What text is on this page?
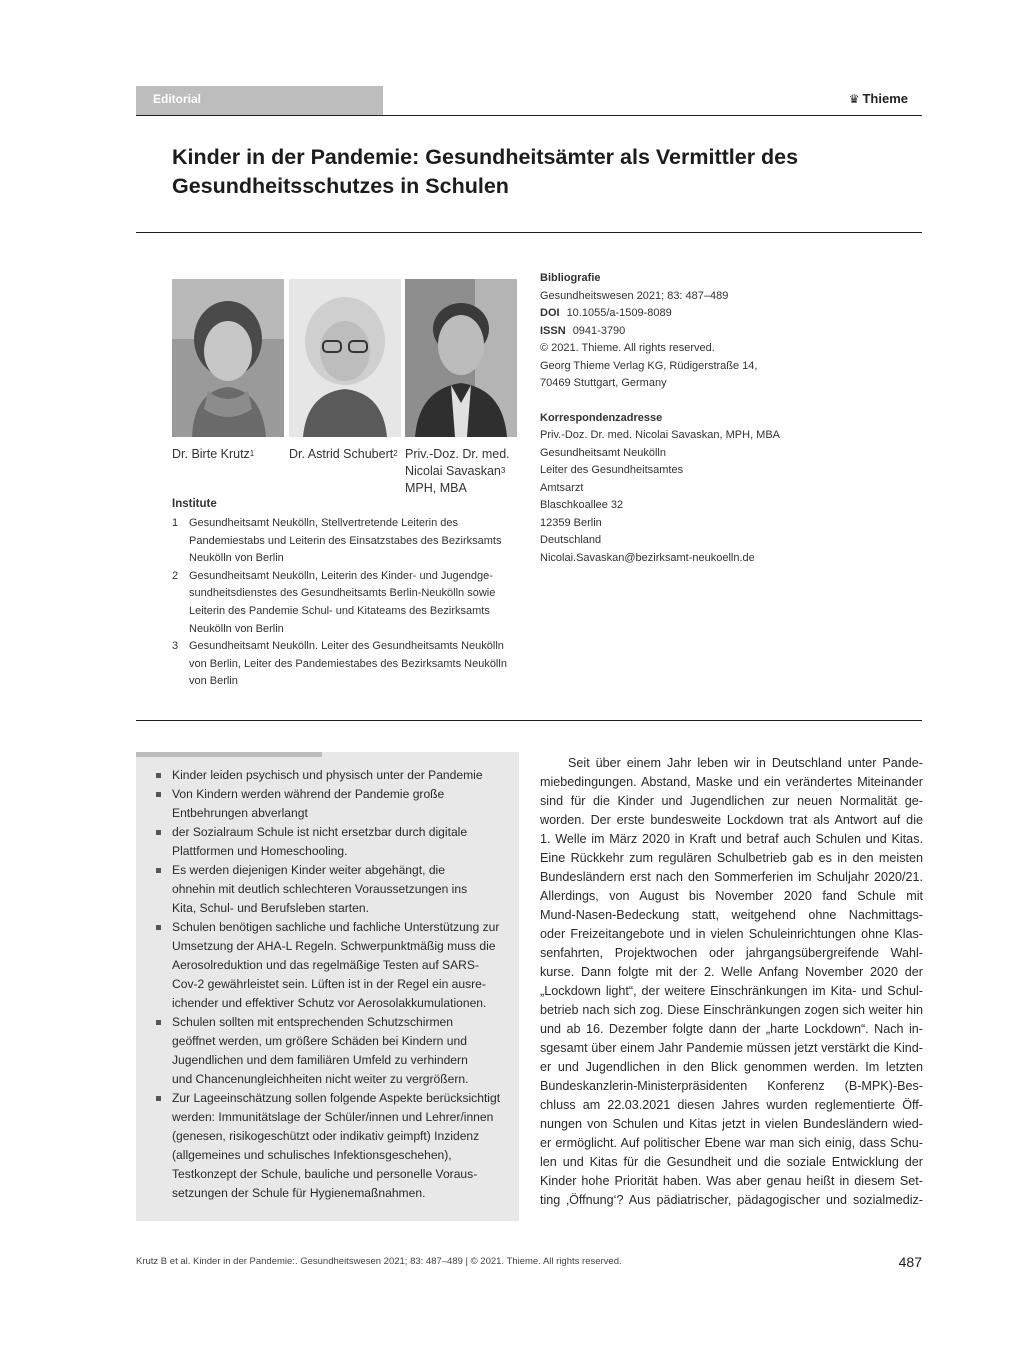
Editorial	♛ Thieme
Kinder in der Pandemie: Gesundheitsämter als Vermittler des
Gesundheitsschutzes in Schulen
Dr. Birte Krutz$^1$	Dr. Astrid Schubert$^2$ Priv.-Doz. Dr. med.
Nicolai Savaskan$^3$
MPH, MBA
Institute
1 Gesundheitsamt Neukölln, Stellvertretende Leiterin des
Pandemiestabs und Leiterin des Einsatzstabes des Bezirksamts
Neukölln von Berlin
2 Gesundheitsamt Neukölln, Leiterin des Kinder- und Jugendge-
sundheitsdienstes des Gesundheitsamts Berlin-Neukölln sowie
Leiterin des Pandemie Schul- und Kitateams des Bezirksamts
Neukölln von Berlin
3 Gesundheitsamt Neukölln. Leiter des Gesundheitsamts Neukölln
von Berlin, Leiter des Pandemiestabes des Bezirksamts Neukölln
von Berlin
Bibliografie
Gesundheitswesen 2021; 83: 487–489
DOI 10.1055/a-1509-8089
ISSN 0941-3790
© 2021. Thieme. All rights reserved.
Georg Thieme Verlag KG, Rüdigerstraße 14,
70469 Stuttgart, Germany
Korrespondenzadresse
Priv.-Doz. Dr. med. Nicolai Savaskan, MPH, MBA
Gesundheitsamt Neukölln
Leiter des Gesundheitsamtes
Amtsarzt
Blaschkoallee 32
12359 Berlin
Deutschland
Nicolai.Savaskan@bezirksamt-neukoelln.de
Kinder leiden psychisch und physisch unter der Pandemie
Von Kindern werden während der Pandemie große
Entbehrungen abverlangt
der Sozialraum Schule ist nicht ersetzbar durch digitale
Plattformen und Homeschooling.
Es werden diejenigen Kinder weiter abgehängt, die
ohnehin mit deutlich schlechteren Voraussetzungen ins
Kita, Schul- und Berufsleben starten.
Schulen benötigen sachliche und fachliche Unterstützung zur
Umsetzung der AHA-L Regeln. Schwerpunktmäßig muss die
Aerosolreduktion und das regelmäßige Testen auf SARS-
Cov-2 gewährleistet sein. Lüften ist in der Regel ein ausre-
ichender und effektiver Schutz vor Aerosolakkumulationen.
Schulen sollten mit entsprechenden Schutzschirmen
geöffnet werden, um größere Schäden bei Kindern und
Jugendlichen und dem familiären Umfeld zu verhindern
und Chancenungleichheiten nicht weiter zu vergrößern.
Zur Lageeinschätzung sollen folgende Aspekte berücksichtigt
werden: Immunitätslage der Schüler/innen und Lehrer/innen
(genesen, risikogeschützt oder indikativ geimpft) Inzidenz
(allgemeines und schulisches Infektionsgeschehen),
Testkonzept der Schule, bauliche und personelle Voraus-
setzungen der Schule für Hygienemaßnahmen.
Seit über einem Jahr leben wir in Deutschland unter Pande-
miebedingungen. Abstand, Maske und ein verändertes Miteinander
sind für die Kinder und Jugendlichen zur neuen Normalität ge-
worden. Der erste bundesweite Lockdown trat als Antwort auf die
1. Welle im März 2020 in Kraft und betraf auch Schulen und Kitas.
Eine Rückkehr zum regulären Schulbetrieb gab es in den meisten
Bundesländern erst nach den Sommerferien im Schuljahr 2020/21.
Allerdings, von August bis November 2020 fand Schule mit
Mund-Nasen-Bedeckung statt, weitgehend ohne Nachmittags-
oder Freizeitangebote und in vielen Schuleinrichtungen ohne Klas-
senfahrten, Projektwochen oder jahrgangsübergreifende Wahl-
kurse. Dann folgte mit der 2. Welle Anfang November 2020 der
„Lockdown light“, der weitere Einschränkungen im Kita- und Schul-
betrieb nach sich zog. Diese Einschränkungen zogen sich weiter hin
und ab 16. Dezember folgte dann der „harte Lockdown“. Nach in-
sgesamt über einem Jahr Pandemie müssen jetzt verstärkt die Kind-
er und Jugendlichen in den Blick genommen werden. Im letzten
Bundeskanzlerin-Ministerpräsidenten Konferenz (B-MPK)-Bes-
chluss am 22.03.2021 diesen Jahres wurden reglementierte Öff-
nungen von Schulen und Kitas jetzt in vielen Bundesländern wied-
er ermöglicht. Auf politischer Ebene war man sich einig, dass Schu-
len und Kitas für die Gesundheit und die soziale Entwicklung der
Kinder hohe Priorität haben. Was aber genau heißt in diesem Set-
ting ‚Öffnung‘? Aus pädiatrischer, pädagogischer und sozialmediz-
Krutz B et al. Kinder in der Pandemie:. Gesundheitswesen 2021; 83: 487–489 | © 2021. Thieme. All rights reserved.	487
